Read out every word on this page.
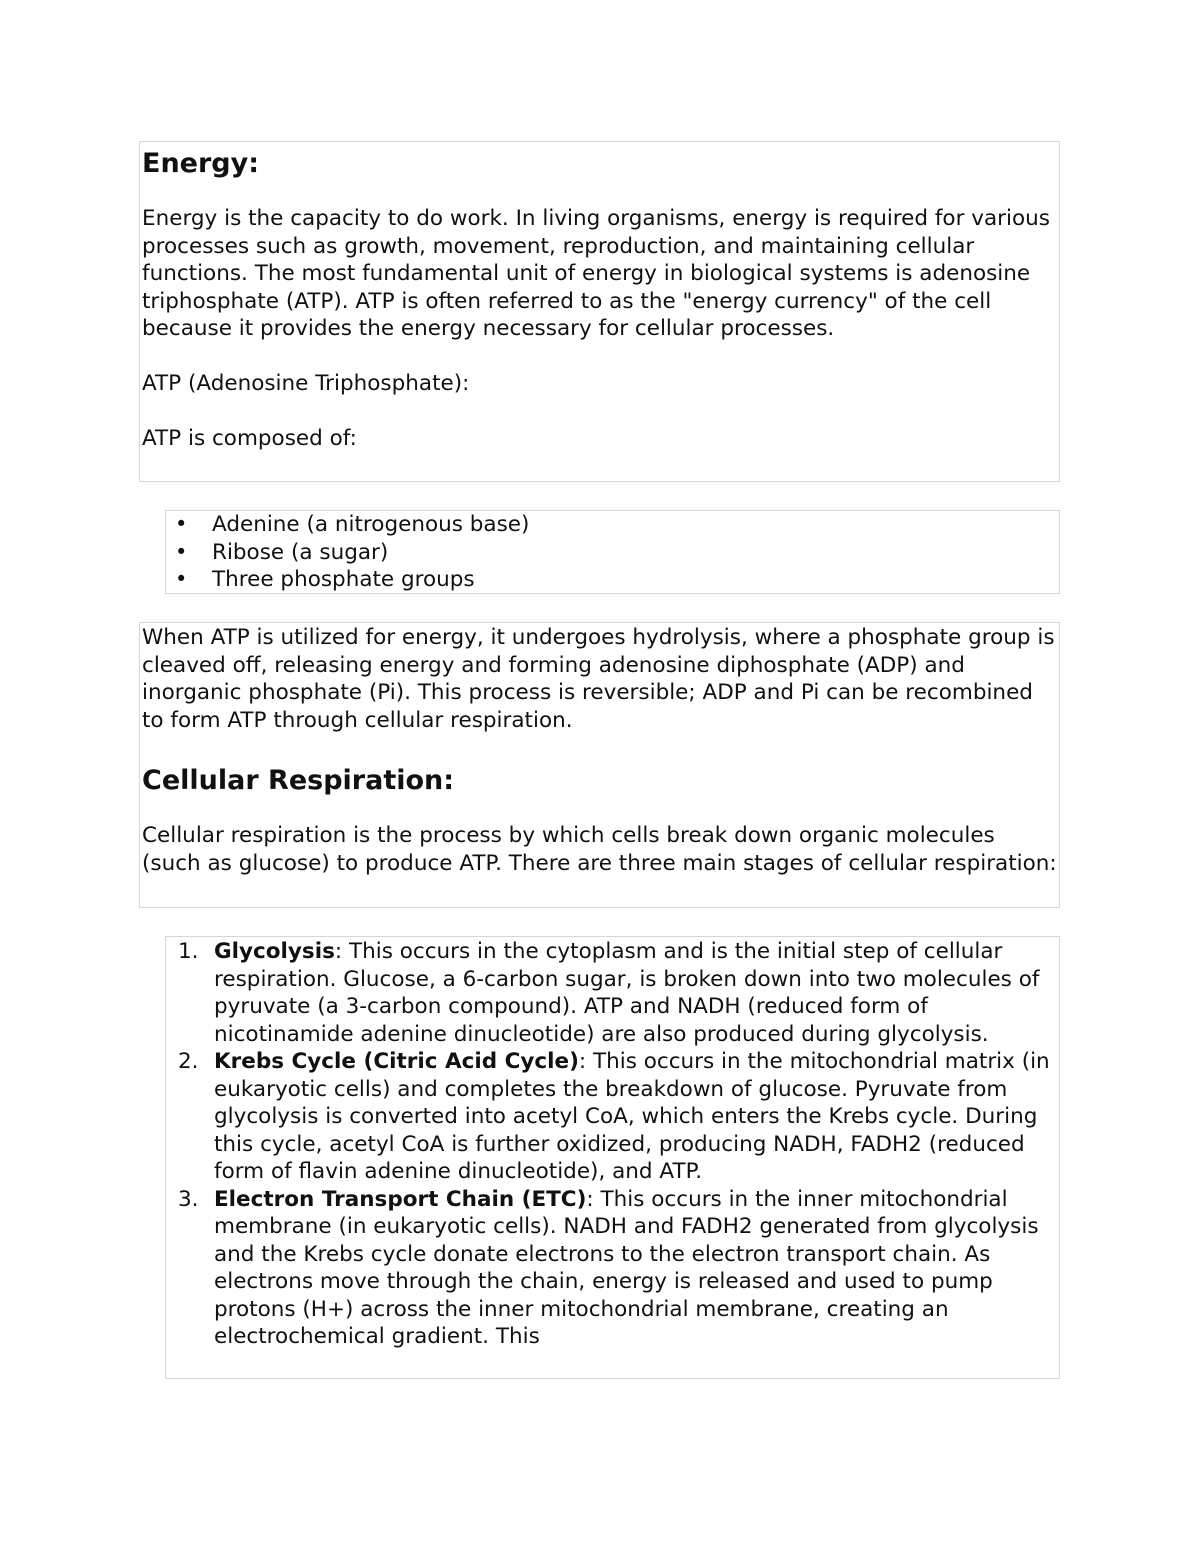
Energy:

Energy is the capacity to do work. In living organisms, energy is required for various processes such as growth, movement, reproduction, and maintaining cellular functions. The most fundamental unit of energy in biological systems is adenosine triphosphate (ATP). ATP is often referred to as the "energy currency" of the cell because it provides the energy necessary for cellular processes.

ATP (Adenosine Triphosphate):

ATP is composed of:

• Adenine (a nitrogenous base)
• Ribose (a sugar)
• Three phosphate groups

When ATP is utilized for energy, it undergoes hydrolysis, where a phosphate group is cleaved off, releasing energy and forming adenosine diphosphate (ADP) and inorganic phosphate (Pi). This process is reversible; ADP and Pi can be recombined to form ATP through cellular respiration.

Cellular Respiration:

Cellular respiration is the process by which cells break down organic molecules (such as glucose) to produce ATP. There are three main stages of cellular respiration:

1. Glycolysis: This occurs in the cytoplasm and is the initial step of cellular respiration. Glucose, a 6-carbon sugar, is broken down into two molecules of pyruvate (a 3-carbon compound). ATP and NADH (reduced form of nicotinamide adenine dinucleotide) are also produced during glycolysis.
2. Krebs Cycle (Citric Acid Cycle): This occurs in the mitochondrial matrix (in eukaryotic cells) and completes the breakdown of glucose. Pyruvate from glycolysis is converted into acetyl CoA, which enters the Krebs cycle. During this cycle, acetyl CoA is further oxidized, producing NADH, FADH2 (reduced form of flavin adenine dinucleotide), and ATP.
3. Electron Transport Chain (ETC): This occurs in the inner mitochondrial membrane (in eukaryotic cells). NADH and FADH2 generated from glycolysis and the Krebs cycle donate electrons to the electron transport chain. As electrons move through the chain, energy is released and used to pump protons (H+) across the inner mitochondrial membrane, creating an electrochemical gradient. This
